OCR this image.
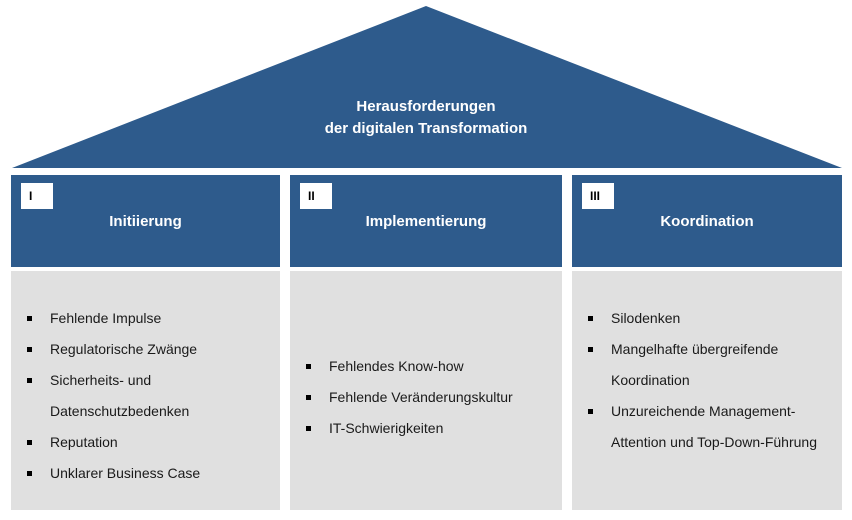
Herausforderungen
der digitalen Transformation
I
Initiierung
Fehlende Impulse
Regulatorische Zwänge
Sicherheits- und Datenschutzbedenken
Reputation
Unklarer Business Case
II
Implementierung
Fehlendes Know-how
Fehlende Veränderungskultur
IT-Schwierigkeiten
III
Koordination
Silodenken
Mangelhafte übergreifende Koordination
Unzureichende Management-Attention und Top-Down-Führung
